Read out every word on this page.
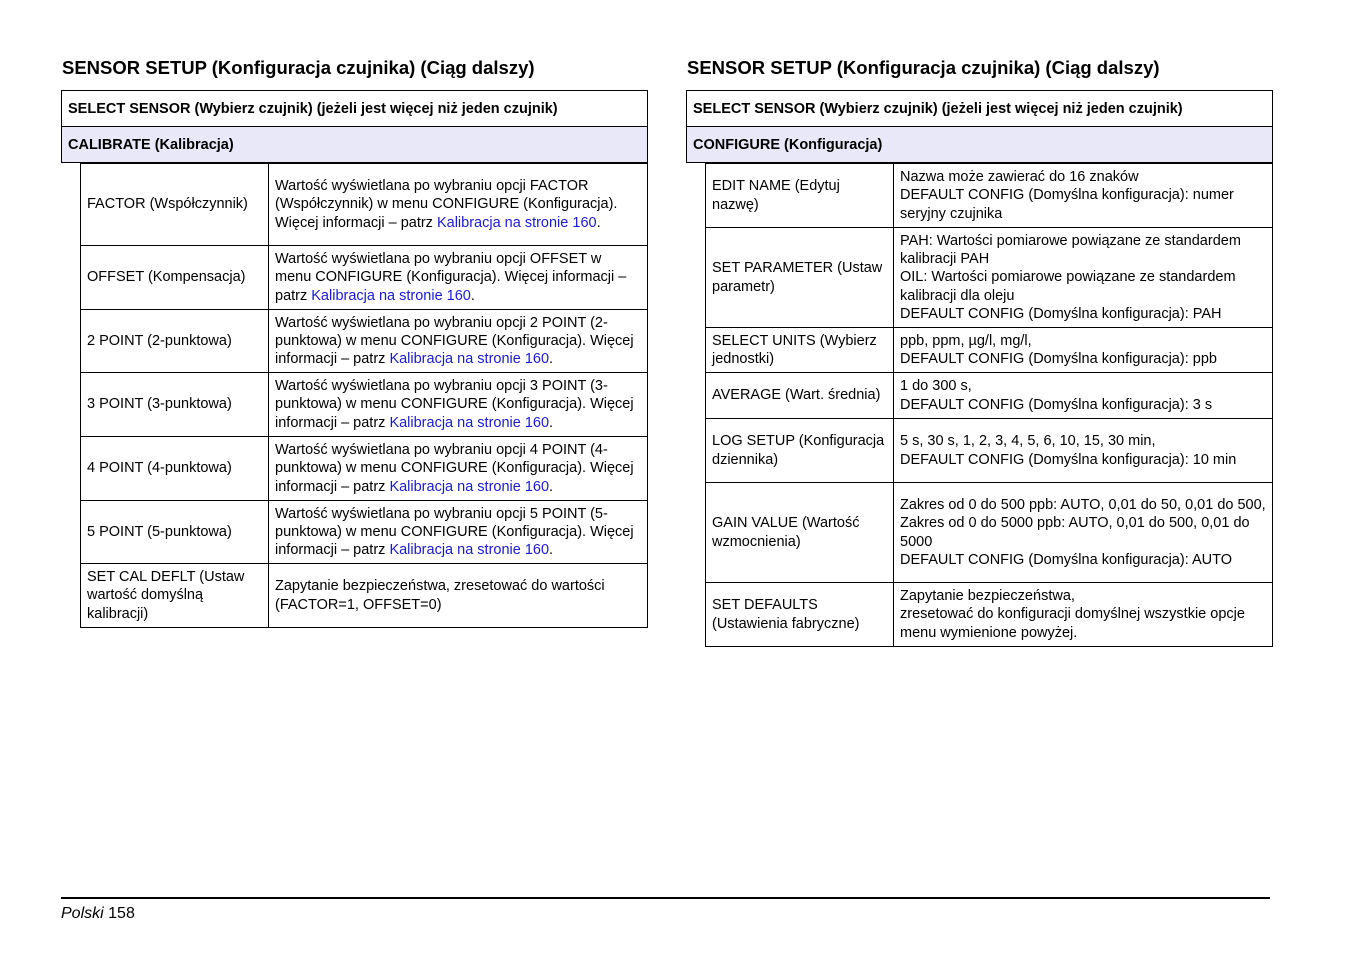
SENSOR SETUP (Konfiguracja czujnika) (Ciąg dalszy)
SELECT SENSOR (Wybierz czujnik) (jeżeli jest więcej niż jeden czujnik)
CALIBRATE (Kalibracja)
FACTOR (Współczynnik)	Wartość wyświetlana po wybraniu opcji FACTOR (Współczynnik) w menu CONFIGURE (Konfiguracja). Więcej informacji – patrz Kalibracja na stronie 160.
OFFSET (Kompensacja)	Wartość wyświetlana po wybraniu opcji OFFSET w menu CONFIGURE (Konfiguracja). Więcej informacji – patrz Kalibracja na stronie 160.
2 POINT (2-punktowa)	Wartość wyświetlana po wybraniu opcji 2 POINT (2-punktowa) w menu CONFIGURE (Konfiguracja). Więcej informacji – patrz Kalibracja na stronie 160.
3 POINT (3-punktowa)	Wartość wyświetlana po wybraniu opcji 3 POINT (3-punktowa) w menu CONFIGURE (Konfiguracja). Więcej informacji – patrz Kalibracja na stronie 160.
4 POINT (4-punktowa)	Wartość wyświetlana po wybraniu opcji 4 POINT (4-punktowa) w menu CONFIGURE (Konfiguracja). Więcej informacji – patrz Kalibracja na stronie 160.
5 POINT (5-punktowa)	Wartość wyświetlana po wybraniu opcji 5 POINT (5-punktowa) w menu CONFIGURE (Konfiguracja). Więcej informacji – patrz Kalibracja na stronie 160.
SET CAL DEFLT (Ustaw wartość domyślną kalibracji)	Zapytanie bezpieczeństwa, zresetować do wartości (FACTOR=1, OFFSET=0)
SENSOR SETUP (Konfiguracja czujnika) (Ciąg dalszy)
SELECT SENSOR (Wybierz czujnik) (jeżeli jest więcej niż jeden czujnik)
CONFIGURE (Konfiguracja)
EDIT NAME (Edytuj nazwę)	Nazwa może zawierać do 16 znaków

DEFAULT CONFIG (Domyślna konfiguracja): numer seryjny czujnika

SET PARAMETER (Ustaw parametr)	PAH: Wartości pomiarowe powiązane ze standardem kalibracji PAH

OIL: Wartości pomiarowe powiązane ze standardem kalibracji dla oleju

DEFAULT CONFIG (Domyślna konfiguracja): PAH

SELECT UNITS (Wybierz jednostki)	ppb, ppm, µg/l, mg/l,

DEFAULT CONFIG (Domyślna konfiguracja): ppb

AVERAGE (Wart. średnia)	1 do 300 s,

DEFAULT CONFIG (Domyślna konfiguracja): 3 s

LOG SETUP (Konfiguracja dziennika)	5 s, 30 s, 1, 2, 3, 4, 5, 6, 10, 15, 30 min,

DEFAULT CONFIG (Domyślna konfiguracja): 10 min

GAIN VALUE (Wartość wzmocnienia)	Zakres od 0 do 500 ppb: AUTO, 0,01 do 50, 0,01 do 500,

Zakres od 0 do 5000 ppb: AUTO, 0,01 do 500, 0,01 do 5000

DEFAULT CONFIG (Domyślna konfiguracja): AUTO

SET DEFAULTS (Ustawienia fabryczne)	Zapytanie bezpieczeństwa,

zresetować do konfiguracji domyślnej wszystkie opcje menu wymienione powyżej.

Polski 158
